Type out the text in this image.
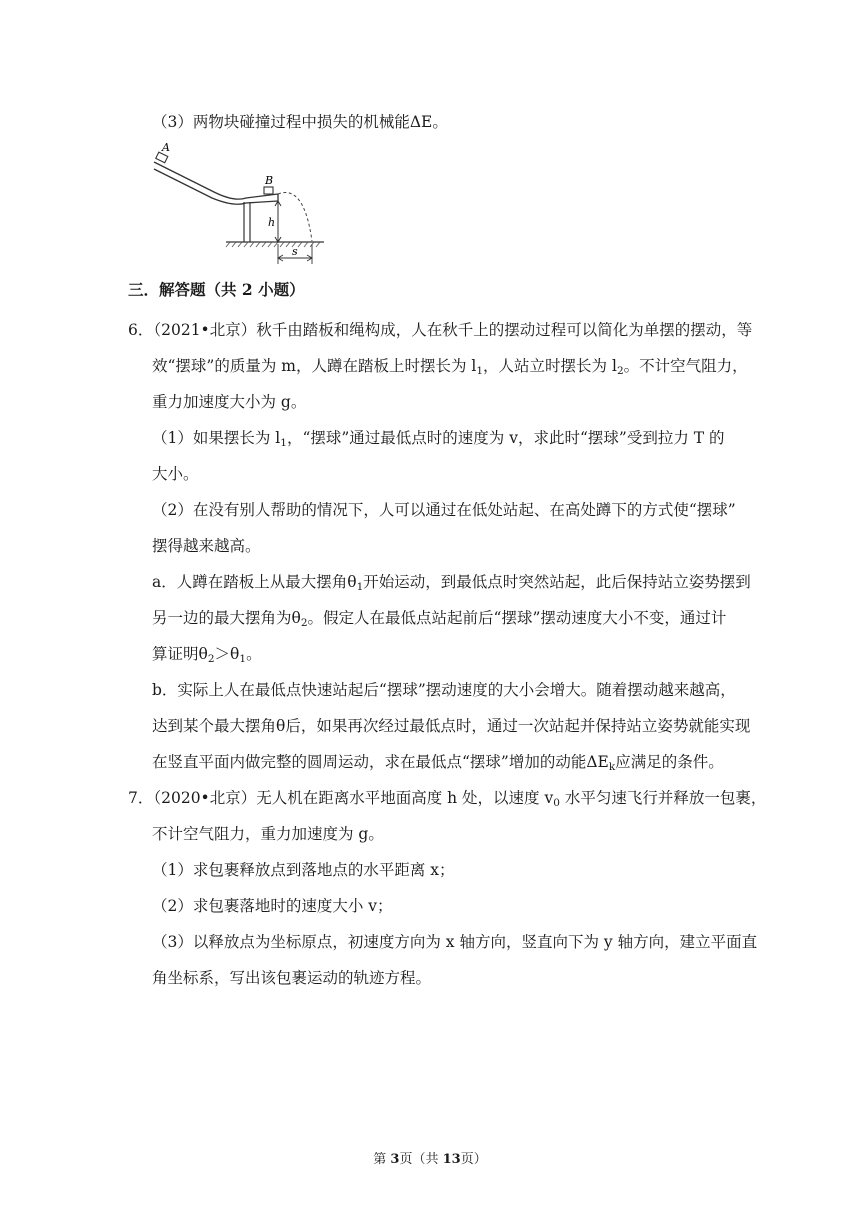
（3）两物块碰撞过程中损失的机械能ΔE。
A
B
h
s
三．解答题（共 2 小题）
6．（2021•北京）秋千由踏板和绳构成，人在秋千上的摆动过程可以简化为单摆的摆动，等
效“摆球”的质量为 m，人蹲在踏板上时摆长为 $l_1$，人站立时摆长为 $l_2$。不计空气阻力，
重力加速度大小为 g。
（1）如果摆长为 $l_1$，“摆球”通过最低点时的速度为 v，求此时“摆球”受到拉力 T 的
大小。
（2）在没有别人帮助的情况下，人可以通过在低处站起、在高处蹲下的方式使“摆球”
摆得越来越高。
a．人蹲在踏板上从最大摆角$\theta_1$开始运动，到最低点时突然站起，此后保持站立姿势摆到
另一边的最大摆角为$\theta_2$。假定人在最低点站起前后“摆球”摆动速度大小不变，通过计
算证明$\theta_2>\theta_1$。
b．实际上人在最低点快速站起后“摆球”摆动速度的大小会增大。随着摆动越来越高，
达到某个最大摆角θ后，如果再次经过最低点时，通过一次站起并保持站立姿势就能实现
在竖直平面内做完整的圆周运动，求在最低点“摆球”增加的动能$\Delta E_k$应满足的条件。
7．（2020•北京）无人机在距离水平地面高度 h 处，以速度 $v_0$ 水平匀速飞行并释放一包裹，
不计空气阻力，重力加速度为 g。
（1）求包裹释放点到落地点的水平距离 x；
（2）求包裹落地时的速度大小 v；
（3）以释放点为坐标原点，初速度方向为 x 轴方向，竖直向下为 y 轴方向，建立平面直
角坐标系，写出该包裹运动的轨迹方程。
第 3页（共 13页）
